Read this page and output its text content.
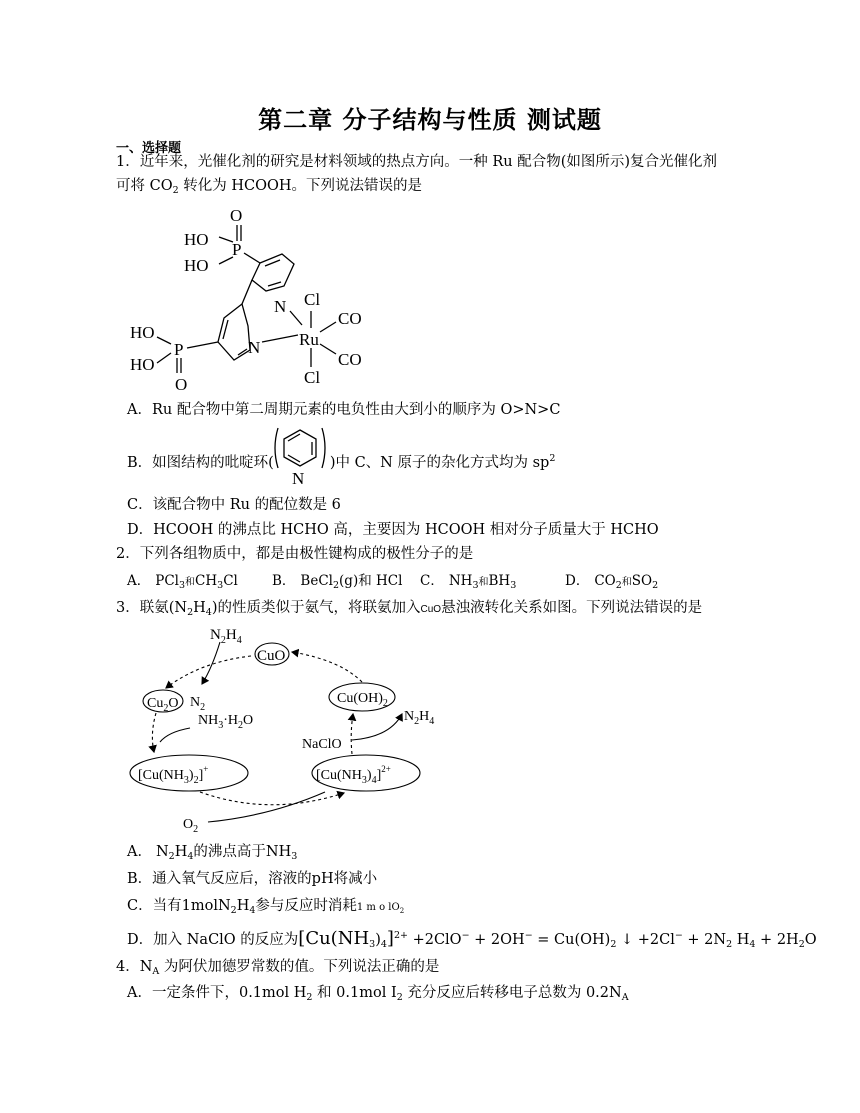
第二章 分子结构与性质 测试题
一、选择题
1．近年来，光催化剂的研究是材料领域的热点方向。一种 Ru 配合物(如图所示)复合光催化剂
可将 $CO_2$ 转化为 HCOOH。下列说法错误的是
O
HO
HO
P
N
N
Cl
CO
Ru
CO
Cl
HO
HO
P
O
A．Ru 配合物中第二周期元素的电负性由大到小的顺序为 O>N>C
B．如图结构的吡啶环(	)中 C、N 原子的杂化方式均为 $sp^2$
N
C．该配合物中 Ru 的配位数是 6
D．HCOOH 的沸点比 HCHO 高，主要因为 HCOOH 相对分子质量大于 HCHO
2．下列各组物质中，都是由极性键构成的极性分子的是
A． PCl$_3$和$CH_3Cl$	B． BeCl$_2$(g)和 HCl C． $NH_3$和$BH_3$	D． $CO_2$和$SO_2$
3．联氨$(N_2H_4)$的性质类似于氨气，将联氨加入CuO悬浊液转化关系如图。下列说法错误的是
$N_2H_4$
CuO
$Cu_2O$ $N_2$
$NH_3\cdot H_2O$
$Cu(OH)_2$
$N_2H_4$
NaClO
$[Cu(NH_3)_2]^+$	$[Cu(NH_3)_4]^{2+}$
$O_2$
A． $N_2H_4$的沸点高于$NH_3$
B．通入氧气反应后，溶液的pH将减小
C．当有$1molN_2H_4$参与反应时消耗1 m o $lO_2$
D．加入 NaClO 的反应为$[Cu(NH_3)_4]^{2+} +2ClO^- + 2OH^- = Cu(OH)_2$ ↓ $+2Cl^- + 2N_2$ $H_4 + 2H_2O$
4．$N_A$ 为阿伏加德罗常数的值。下列说法正确的是
A．一定条件下，0.1mol $H_2$ 和 0.1mol $I_2$ 充分反应后转移电子总数为 $0.2N_A$
